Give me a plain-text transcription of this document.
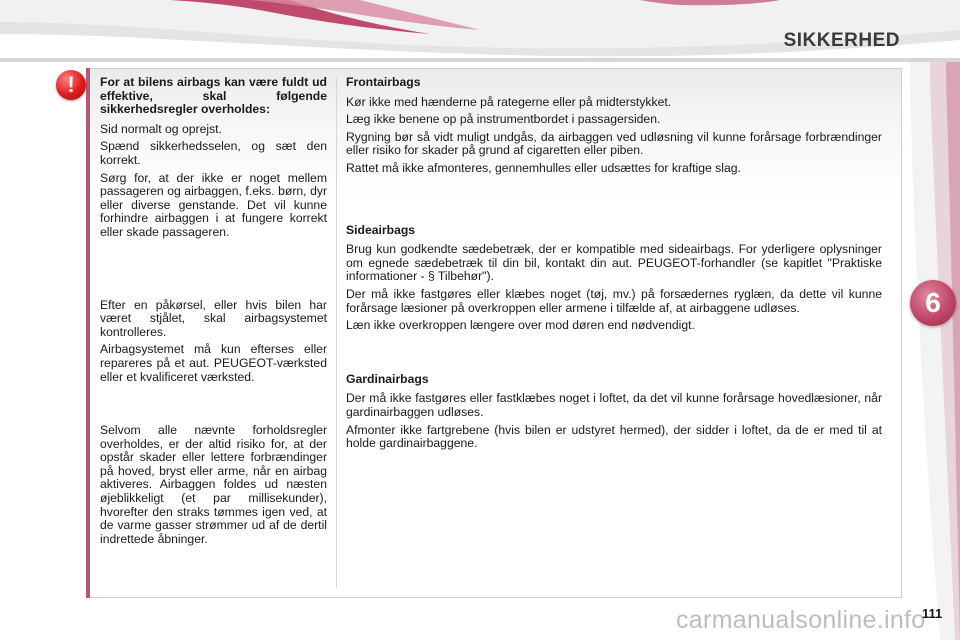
SIKKERHED
6
!	For at bilens airbags kan være fuldt ud effektive, skal følgende sikkerhedsregler overholdes:

Sid normalt og oprejst.

Spænd sikkerhedsselen, og sæt den korrekt.

Sørg for, at der ikke er noget mellem passageren og airbaggen, f.eks. børn, dyr eller diverse genstande. Det vil kunne forhindre airbaggen i at fungere korrekt eller skade passageren.

Efter en påkørsel, eller hvis bilen har været stjålet, skal airbagsystemet kontrolleres.

Airbagsystemet må kun efterses eller repareres på et aut. PEUGEOT-værksted eller et kvalificeret værksted.

Selvom alle nævnte forholdsregler overholdes, er der altid risiko for, at der opstår skader eller lettere forbrændinger på hoved, bryst eller arme, når en airbag aktiveres. Airbaggen foldes ud næsten øjeblikkeligt (et par millisekunder), hvorefter den straks tømmes igen ved, at de varme gasser strømmer ud af de dertil indrettede åbninger.

Frontairbags

Kør ikke med hænderne på rategerne eller på midterstykket.

Læg ikke benene op på instrumentbordet i passagersiden.

Rygning bør så vidt muligt undgås, da airbaggen ved udløsning vil kunne forårsage forbrændinger eller risiko for skader på grund af cigaretten eller piben.

Rattet må ikke afmonteres, gennemhulles eller udsættes for kraftige slag.

Sideairbags

Brug kun godkendte sædebetræk, der er kompatible med sideairbags. For yderligere oplysninger om egnede sædebetræk til din bil, kontakt din aut. PEUGEOT-forhandler (se kapitlet "Praktiske informationer - § Tilbehør").

Der må ikke fastgøres eller klæbes noget (tøj, mv.) på forsædernes ryglæn, da dette vil kunne forårsage læsioner på overkroppen eller armene i tilfælde af, at airbaggene udløses.

Læn ikke overkroppen længere over mod døren end nødvendigt.

Gardinairbags

Der må ikke fastgøres eller fastklæbes noget i loftet, da det vil kunne forårsage hovedlæsioner, når gardinairbaggen udløses.

Afmonter ikke fartgrebene (hvis bilen er udstyret hermed), der sidder i loftet, da de er med til at holde gardinairbaggene.

carmanualsonline.info
111
